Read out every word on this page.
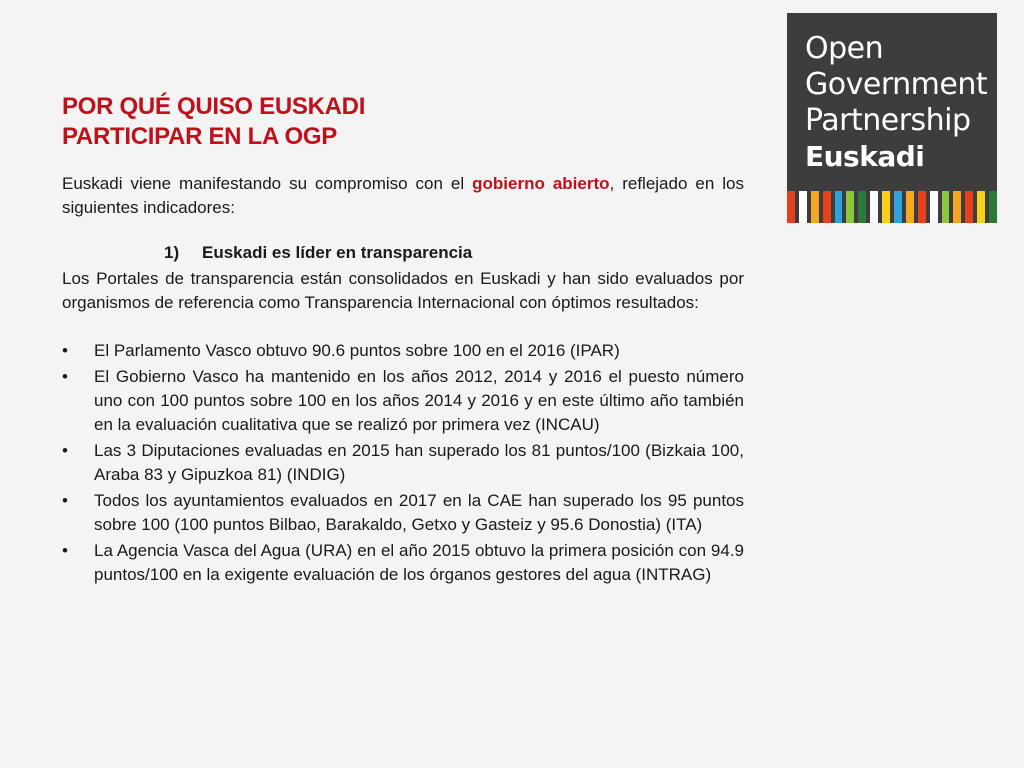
Open
Government
Partnership
Euskadi
POR QUÉ QUISO EUSKADI
PARTICIPAR EN LA OGP

Euskadi viene manifestando su compromiso con el gobierno abierto, reflejado en los siguientes indicadores:

1)	Euskadi es líder en transparencia

Los Portales de transparencia están consolidados en Euskadi y han sido evaluados por organismos de referencia como Transparencia Internacional con óptimos resultados:

• El Parlamento Vasco obtuvo 90.6 puntos sobre 100 en el 2016 (IPAR)
• El Gobierno Vasco ha mantenido en los años 2012, 2014 y 2016 el puesto número uno con 100 puntos sobre 100 en los años 2014 y 2016 y en este último año también en la evaluación cualitativa que se realizó por primera vez (INCAU)
• Las 3 Diputaciones evaluadas en 2015 han superado los 81 puntos/100 (Bizkaia 100, Araba 83 y Gipuzkoa 81) (INDIG)
• Todos los ayuntamientos evaluados en 2017 en la CAE han superado los 95 puntos sobre 100 (100 puntos Bilbao, Barakaldo, Getxo y Gasteiz y 95.6 Donostia) (ITA)
• La Agencia Vasca del Agua (URA) en el año 2015 obtuvo la primera posición con 94.9 puntos/100 en la exigente evaluación de los órganos gestores del agua (INTRAG)
